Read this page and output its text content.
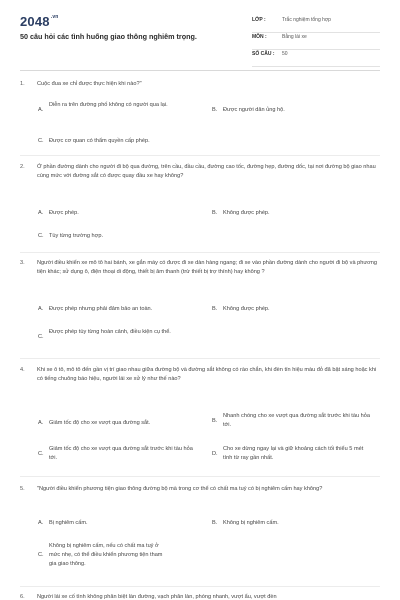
$2048^{.vn}$
50 câu hỏi các tình huống giao thông nghiêm trọng.
LỚP :	Trắc nghiệm tổng hợp
MÔN :	Bằng lái xe
SỐ CÂU : 50
1. Cuộc đua xe chỉ được thực hiện khi nào?"
A.
Diễn ra trên đường phố không có người qua lại.
B. Được người dân ủng hộ.
C. Được cơ quan có thẩm quyền cấp phép.
2. Ở phần đường dành cho người đi bộ qua đường, trên cầu, đầu cầu, đường cao tốc, đường hẹp, đường dốc, tại nơi đường bộ giao nhau cùng mức với đường sắt có được quay đầu xe hay không?
A. Được phép.	B. Không được phép.
C. Tùy từng trường hợp.
3. Người điều khiển xe mô tô hai bánh, xe gắn máy có được đi xe dàn hàng ngang; đi xe vào phần đường dành cho người đi bộ và phương tiện khác; sử dụng ô, điện thoại di động, thiết bị âm thanh (trừ thiết bị trợ thính) hay không ?
A. Được phép nhưng phải đảm bảo an toàn.	B. Không được phép.
C.
Được phép tùy từng hoàn cảnh, điều kiện cụ thể.
4. Khi xe ô tô, mô tô đến gần vị trí giao nhau giữa đường bộ và đường sắt không có rào chắn, khi đèn tín hiệu màu đỏ đã bật sáng hoặc khi có tiếng chuông báo hiệu, người lái xe xử lý như thế nào?
A. Giảm tốc độ cho xe vượt qua đường sắt.	B.
Nhanh chóng cho xe vượt qua đường sắt trước khi tàu hỏa tới.
C.
Giảm tốc độ cho xe vượt qua đường sắt trước khi tàu hỏa tới.
D.
Cho xe dừng ngay lại và giữ khoảng cách tối thiểu 5 mét tính từ ray gần nhất.
5. "Người điều khiển phương tiện giao thông đường bộ mà trong cơ thể có chất ma tuý có bị nghiêm cấm hay không?
A. Bị nghiêm cấm.	B. Không bị nghiêm cấm.
C.
Không bị nghiêm cấm, nếu có chất ma tuý ở mức nhẹ, có thể điều khiển phương tiện tham gia giao thông.
6. Người lái xe cố tình không phân biệt làn đường, vạch phân làn, phóng nhanh, vượt ẩu, vượt đèn
